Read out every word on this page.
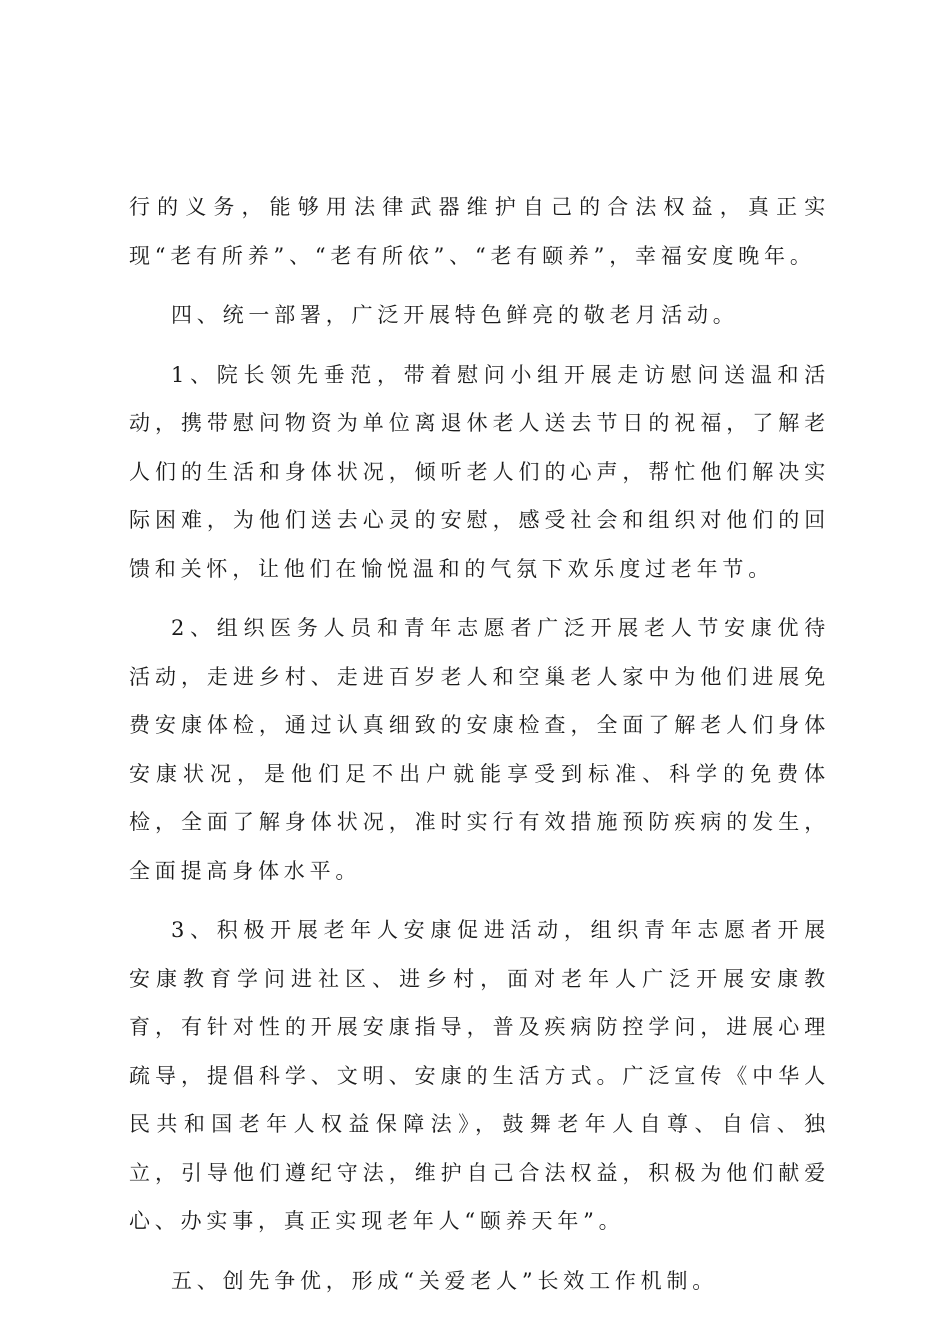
行的义务，能够用法律武器维护自己的合法权益，真正实现“老有所养”、“老有所依”、“老有颐养”，幸福安度晚年。

四、统一部署，广泛开展特色鲜亮的敬老月活动。

1、院长领先垂范，带着慰问小组开展走访慰问送温和活动，携带慰问物资为单位离退休老人送去节日的祝福，了解老人们的生活和身体状况，倾听老人们的心声，帮忙他们解决实际困难，为他们送去心灵的安慰，感受社会和组织对他们的回馈和关怀，让他们在愉悦温和的气氛下欢乐度过老年节。

2、组织医务人员和青年志愿者广泛开展老人节安康优待活动，走进乡村、走进百岁老人和空巢老人家中为他们进展免费安康体检，通过认真细致的安康检查，全面了解老人们身体安康状况，是他们足不出户就能享受到标准、科学的免费体检，全面了解身体状况，准时实行有效措施预防疾病的发生，全面提高身体水平。

3、积极开展老年人安康促进活动，组织青年志愿者开展安康教育学问进社区、进乡村，面对老年人广泛开展安康教育，有针对性的开展安康指导，普及疾病防控学问，进展心理疏导，提倡科学、文明、安康的生活方式。广泛宣传《中华人民共和国老年人权益保障法》，鼓舞老年人自尊、自信、独立，引导他们遵纪守法，维护自己合法权益，积极为他们献爱心、办实事，真正实现老年人“颐养天年”。

五、创先争优，形成“关爱老人”长效工作机制。
